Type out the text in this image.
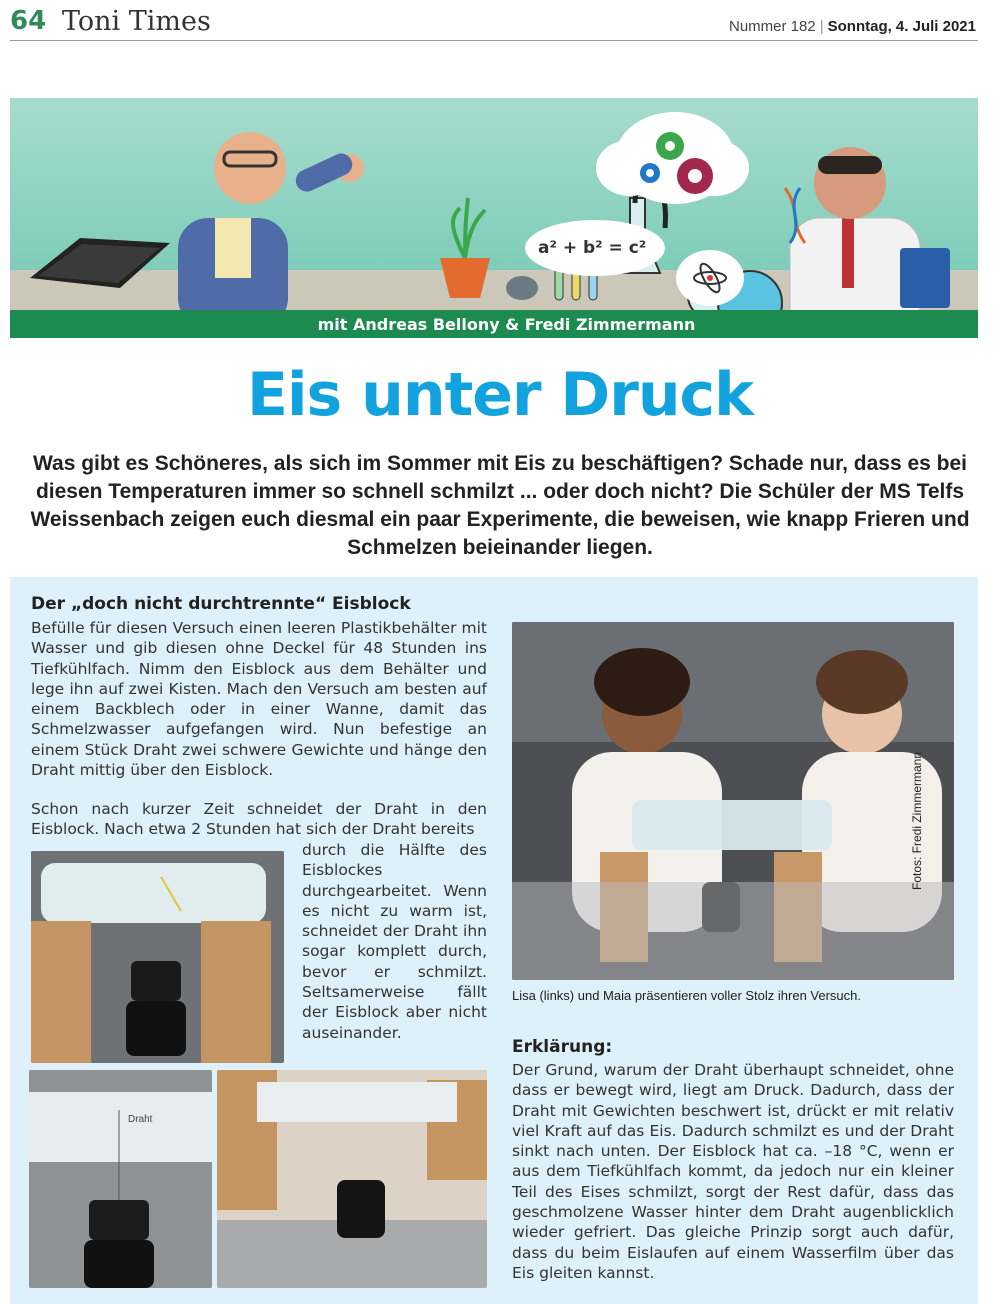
64 Toni Times	Nummer 182 | Sonntag, 4. Juli 2021
a² + b² = c²
mit Andreas Bellony & Fredi Zimmermann
Eis unter Druck

Was gibt es Schöneres, als sich im Sommer mit Eis zu beschäftigen? Schade nur, dass es bei diesen Temperaturen immer so schnell schmilzt ... oder doch nicht? Die Schüler der MS Telfs Weissenbach zeigen euch diesmal ein paar Experimente, die beweisen, wie knapp Frieren und Schmelzen beieinander liegen.

Der „doch nicht durchtrennte“ Eisblock

Befülle für diesen Versuch einen leeren Plastikbehälter mit Wasser und gib diesen ohne Deckel für 48 Stunden ins Tiefkühlfach. Nimm den Eisblock aus dem Behälter und lege ihn auf zwei Kisten. Mach den Versuch am besten auf einem Backblech oder in einer Wanne, damit das Schmelzwasser aufgefangen wird. Nun befestige an einem Stück Draht zwei schwere Gewichte und hänge den Draht mittig über den Eisblock.

Schon nach kurzer Zeit schneidet der Draht in den Eisblock. Nach etwa 2 Stunden hat sich der Draht bereits

durch die Hälfte des Eisblockes durchgearbeitet. Wenn es nicht zu warm ist, schneidet der Draht ihn sogar komplett durch, bevor er schmilzt. Seltsamerweise fällt der Eisblock aber nicht auseinander.

Lisa (links) und Maia präsentieren voller Stolz ihren Versuch.

Fotos: Fredi Zimmermann

Draht
Erklärung:

Der Grund, warum der Draht überhaupt schneidet, ohne dass er bewegt wird, liegt am Druck. Dadurch, dass der Draht mit Gewichten beschwert ist, drückt er mit relativ viel Kraft auf das Eis. Dadurch schmilzt es und der Draht sinkt nach unten. Der Eisblock hat ca. –18 °C, wenn er aus dem Tiefkühlfach kommt, da jedoch nur ein kleiner Teil des Eises schmilzt, sorgt der Rest dafür, dass das geschmolzene Wasser hinter dem Draht augenblicklich wieder gefriert. Das gleiche Prinzip sorgt auch dafür, dass du beim Eislaufen auf einem Wasserfilm über das Eis gleiten kannst.
